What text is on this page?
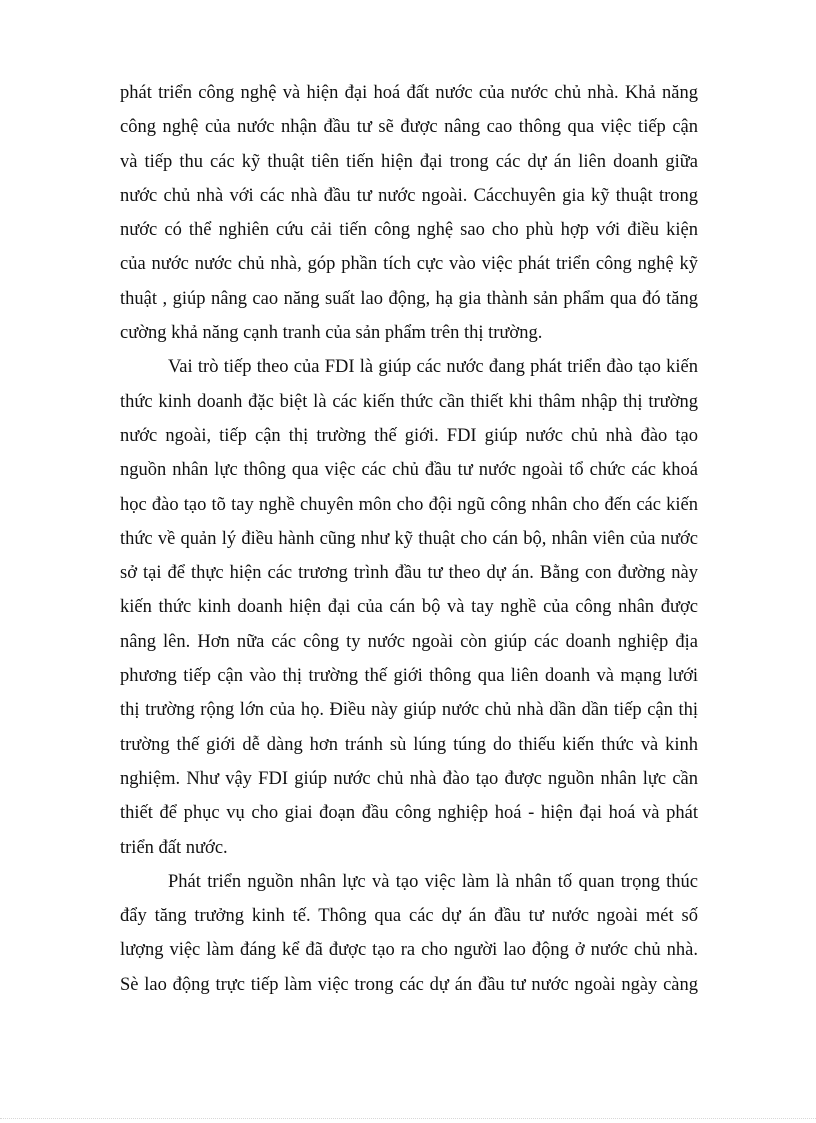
phát triển công nghệ và hiện đại hoá đất nước của nước chủ nhà. Khả năng
công nghệ của nước nhận đầu tư sẽ được nâng cao thông qua việc tiếp cận
và tiếp thu các kỹ thuật tiên tiến hiện đại trong các dự án liên doanh giữa
nước chủ nhà với các nhà đầu tư nước ngoài. Cácchuyên gia kỹ thuật trong
nước có thể nghiên cứu cải tiến công nghệ sao cho phù hợp với điều kiện
của nước nước chủ nhà, góp phần tích cực vào việc phát triển công nghệ kỹ
thuật , giúp nâng cao năng suất lao động, hạ gia thành sản phẩm qua đó tăng
cường khả năng cạnh tranh của sản phẩm trên thị trường.
Vai trò tiếp theo của FDI là giúp các nước đang phát triển đào tạo kiến
thức kinh doanh đặc biệt là các kiến thức cần thiết khi thâm nhập thị trường
nước ngoài, tiếp cận thị trường thế giới. FDI giúp nước chủ nhà đào tạo
nguồn nhân lực thông qua việc các chủ đầu tư nước ngoài tổ chức các khoá
học đào tạo tõ tay nghề chuyên môn cho đội ngũ công nhân cho đến các kiến
thức về quản lý điều hành cũng như kỹ thuật cho cán bộ, nhân viên của nước
sở tại để thực hiện các trương trình đầu tư theo dự án. Bằng con đường này
kiến thức kinh doanh hiện đại của cán bộ và tay nghề của công nhân được
nâng lên. Hơn nữa các công ty nước ngoài còn giúp các doanh nghiệp địa
phương tiếp cận vào thị trường thế giới thông qua liên doanh và mạng lưới
thị trường rộng lớn của họ. Điều này giúp nước chủ nhà dần dần tiếp cận thị
trường thế giới dễ dàng hơn tránh sù lúng túng do thiếu kiến thức và kinh
nghiệm. Như vậy FDI giúp nước chủ nhà đào tạo được nguồn nhân lực cần
thiết để phục vụ cho giai đoạn đầu công nghiệp hoá - hiện đại hoá và phát
triển đất nước.
Phát triển nguồn nhân lực và tạo việc làm là nhân tố quan trọng thúc
đẩy tăng trưởng kinh tế. Thông qua các dự án đầu tư nước ngoài mét số
lượng việc làm đáng kể đã được tạo ra cho người lao động ở nước chủ nhà.
Sè lao động trực tiếp làm việc trong các dự án đầu tư nước ngoài ngày càng
